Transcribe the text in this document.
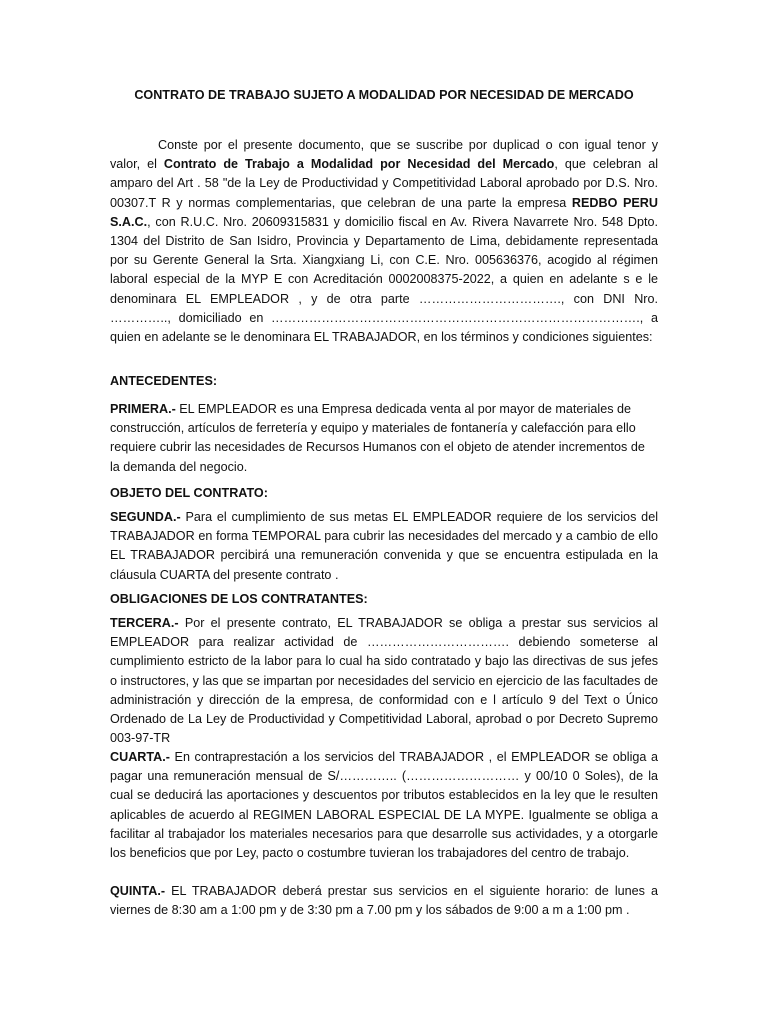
CONTRATO DE TRABAJO SUJETO A MODALIDAD POR NECESIDAD DE MERCADO
Conste por el presente documento, que se suscribe por duplicad o con igual tenor y valor, el Contrato de Trabajo a Modalidad por Necesidad del Mercado, que celebran al amparo del Art . 58 "de la Ley de Productividad y Competitividad Laboral aprobado por D.S. Nro. 00307.T R y normas complementarias, que celebran de una parte la empresa REDBO PERU S.A.C., con R.U.C. Nro. 20609315831 y domicilio fiscal en Av. Rivera Navarrete Nro. 548 Dpto. 1304 del Distrito de San Isidro, Provincia y Departamento de Lima, debidamente representada por su Gerente General la Srta. Xiangxiang Li, con C.E. Nro. 005636376, acogido al régimen laboral especial de la MYP E con Acreditación 0002008375-2022, a quien en adelante s e le denominara EL EMPLEADOR , y de otra parte ……………………………., con DNI Nro. ………….., domiciliado en ……………………………………………………………………………., a quien en adelante se le denominara EL TRABAJADOR, en los términos y condiciones siguientes:
ANTECEDENTES:
PRIMERA.- EL EMPLEADOR es una Empresa dedicada venta al por mayor de materiales de construcción, artículos de ferretería y equipo y materiales de fontanería y calefacción para ello requiere cubrir las necesidades de Recursos Humanos con el objeto de atender incrementos de la demanda del negocio.
OBJETO DEL CONTRATO:
SEGUNDA.- Para el cumplimiento de sus metas EL EMPLEADOR requiere de los servicios del TRABAJADOR en forma TEMPORAL para cubrir las necesidades del mercado y a cambio de ello EL TRABAJADOR percibirá una remuneración convenida y que se encuentra estipulada en la cláusula CUARTA del presente contrato .
OBLIGACIONES DE LOS CONTRATANTES:
TERCERA.- Por el presente contrato, EL TRABAJADOR se obliga a prestar sus servicios al EMPLEADOR para realizar actividad de ……………………………. debiendo someterse al cumplimiento estricto de la labor para lo cual ha sido contratado y bajo las directivas de sus jefes o instructores, y las que se impartan por necesidades del servicio en ejercicio de las facultades de administración y dirección de la empresa, de conformidad con e l artículo 9 del Text o Único Ordenado de La Ley de Productividad y Competitividad Laboral, aprobad o por Decreto Supremo 003-97-TR
CUARTA.- En contraprestación a los servicios del TRABAJADOR , el EMPLEADOR se obliga a pagar una remuneración mensual de S/………….. (……………………… y 00/10 0 Soles), de la cual se deducirá las aportaciones y descuentos por tributos establecidos en la ley que le resulten aplicables de acuerdo al REGIMEN LABORAL ESPECIAL DE LA MYPE. Igualmente se obliga a facilitar al trabajador los materiales necesarios para que desarrolle sus actividades, y a otorgarle los beneficios que por Ley, pacto o costumbre tuvieran los trabajadores del centro de trabajo.
QUINTA.- EL TRABAJADOR deberá prestar sus servicios en el siguiente horario: de lunes a viernes de 8:30 am a 1:00 pm y de 3:30 pm a 7.00 pm y los sábados de 9:00 a m a 1:00 pm .
